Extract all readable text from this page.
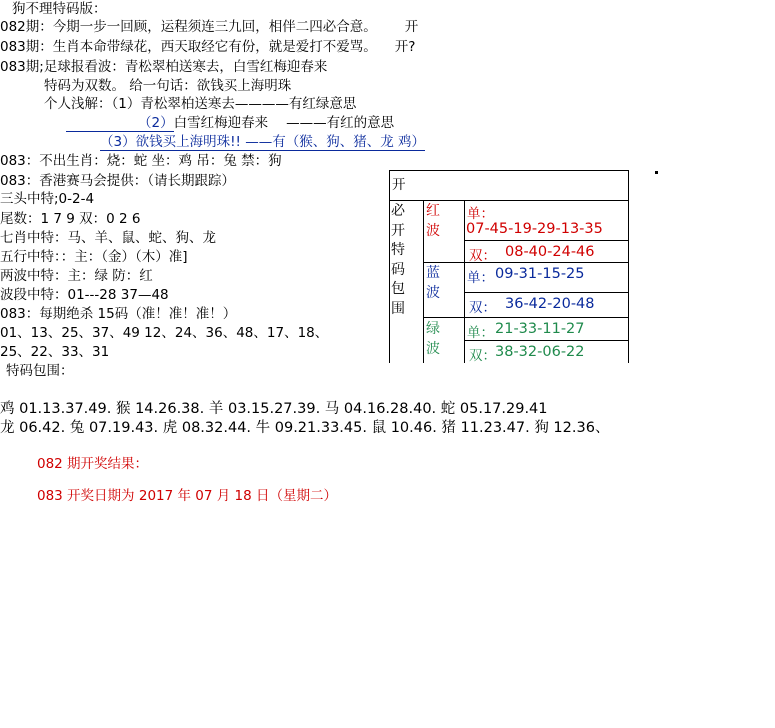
狗不理特码版：
082期：今期一步一回顾，运程须连三九回，相伴二四必合意。 开
083期：生肖本命带绿花，西天取经它有份，就是爱打不爱骂。 开?
083期;足球报看波：青松翠柏送寒去，白雪红梅迎春来
特码为双数。 给一句话：欲钱买上海明珠
个人浅解：（1）青松翠柏送寒去————有红绿意思
（2）白雪红梅迎春来 ———有红的意思
（3）欲钱买上海明珠!! ——有（猴、狗、猪、龙 鸡）
083：不出生肖：烧：蛇 坐：鸡 吊：兔 禁：狗
083：香港赛马会提供：（请长期跟踪）
三头中特;0-2-4
尾数：1 7 9 双：0 2 6
七肖中特：马、羊、鼠、蛇、狗、龙
五行中特：：主：（金）（木）准]
两波中特：主：绿 防：红
波段中特：01---28 37—48
083：每期绝杀 15码（准！准！准！）
01、13、25、37、49 12、24、36、48、17、18、
25、22、33、31
特码包围：
开
必
开
特
码
包
围
红
波
蓝
波
绿
波
单：
07-45-19-29-13-35
双： 08-40-24-46
单： 09-31-15-25
双： 36-42-20-48
单： 21-33-11-27
双： 38-32-06-22
鸡 01.13.37.49. 猴 14.26.38. 羊 03.15.27.39. 马 04.16.28.40. 蛇 05.17.29.41
龙 06.42. 兔 07.19.43. 虎 08.32.44. 牛 09.21.33.45. 鼠 10.46. 猪 11.23.47. 狗 12.36、
082 期开奖结果：
083 开奖日期为 2017 年 07 月 18 日（星期二）
